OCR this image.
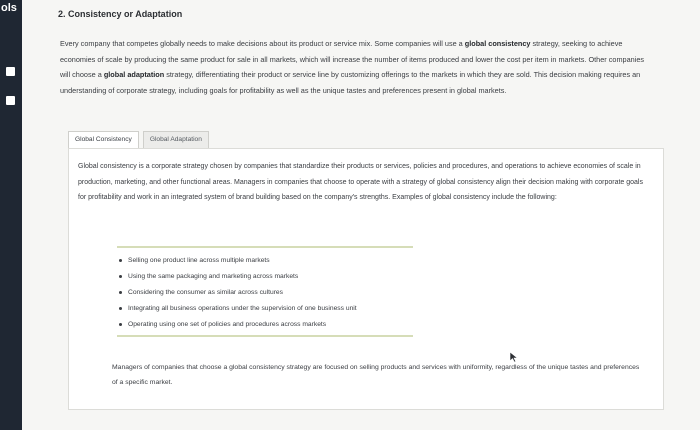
ols	2. Consistency or Adaptation
Every company that competes globally needs to make decisions about its product or service mix. Some companies will use a global consistency strategy, seeking to achieve economies of scale by producing the same product for sale in all markets, which will increase the number of items produced and lower the cost per item in markets. Other companies will choose a global adaptation strategy, differentiating their product or service line by customizing offerings to the markets in which they are sold. This decision making requires an understanding of corporate strategy, including goals for profitability as well as the unique tastes and preferences present in global markets.
Global Consistency	Global Adaptation
Global consistency is a corporate strategy chosen by companies that standardize their products or services, policies and procedures, and operations to achieve economies of scale in production, marketing, and other functional areas. Managers in companies that choose to operate with a strategy of global consistency align their decision making with corporate goals for profitability and work in an integrated system of brand building based on the company's strengths. Examples of global consistency include the following:
Selling one product line across multiple markets
Using the same packaging and marketing across markets
Considering the consumer as similar across cultures
Integrating all business operations under the supervision of one business unit
Operating using one set of policies and procedures across markets
Managers of companies that choose a global consistency strategy are focused on selling products and services with uniformity, regardless of the unique tastes and preferences of a specific market.
